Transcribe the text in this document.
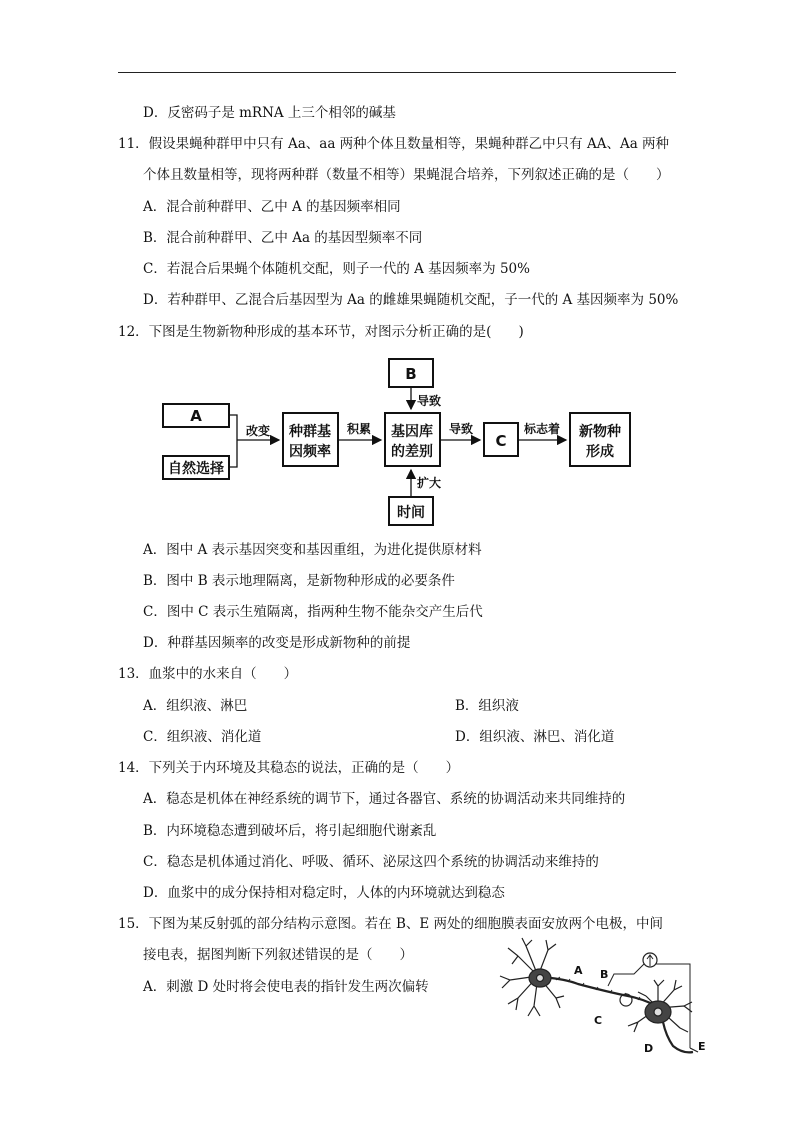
D．反密码子是 mRNA 上三个相邻的碱基
11．假设果蝇种群甲中只有 Aa、aa 两种个体且数量相等，果蝇种群乙中只有 AA、Aa 两种
个体且数量相等，现将两种群（数量不相等）果蝇混合培养，下列叙述正确的是（　　）
A．混合前种群甲、乙中 A 的基因频率相同
B．混合前种群甲、乙中 Aa 的基因型频率不同
C．若混合后果蝇个体随机交配，则子一代的 A 基因频率为 50%
D．若种群甲、乙混合后基因型为 Aa 的雌雄果蝇随机交配，子一代的 A 基因频率为 50%
12．下图是生物新物种形成的基本环节，对图示分析正确的是(　　)
A
自然选择
改变 种群基
因频率
积累 基因库
的差别
B
导致
时间
扩大
导致
C
标志着 新物种
形成
A．图中 A 表示基因突变和基因重组，为进化提供原材料
B．图中 B 表示地理隔离，是新物种形成的必要条件
C．图中 C 表示生殖隔离，指两种生物不能杂交产生后代
D．种群基因频率的改变是形成新物种的前提
13．血浆中的水来自（　　）
A．组织液、淋巴	B．组织液
C．组织液、消化道	D．组织液、淋巴、消化道
14．下列关于内环境及其稳态的说法，正确的是（　　）
A．稳态是机体在神经系统的调节下，通过各器官、系统的协调活动来共同维持的
B．内环境稳态遭到破坏后，将引起细胞代谢紊乱
C．稳态是机体通过消化、呼吸、循环、泌尿这四个系统的协调活动来维持的
D．血浆中的成分保持相对稳定时，人体的内环境就达到稳态
15．下图为某反射弧的部分结构示意图。若在 B、E 两处的细胞膜表面安放两个电极，中间
接电表，据图判断下列叙述错误的是（　　）
A．刺激 D 处时将会使电表的指针发生两次偏转
A B
C
D	E
